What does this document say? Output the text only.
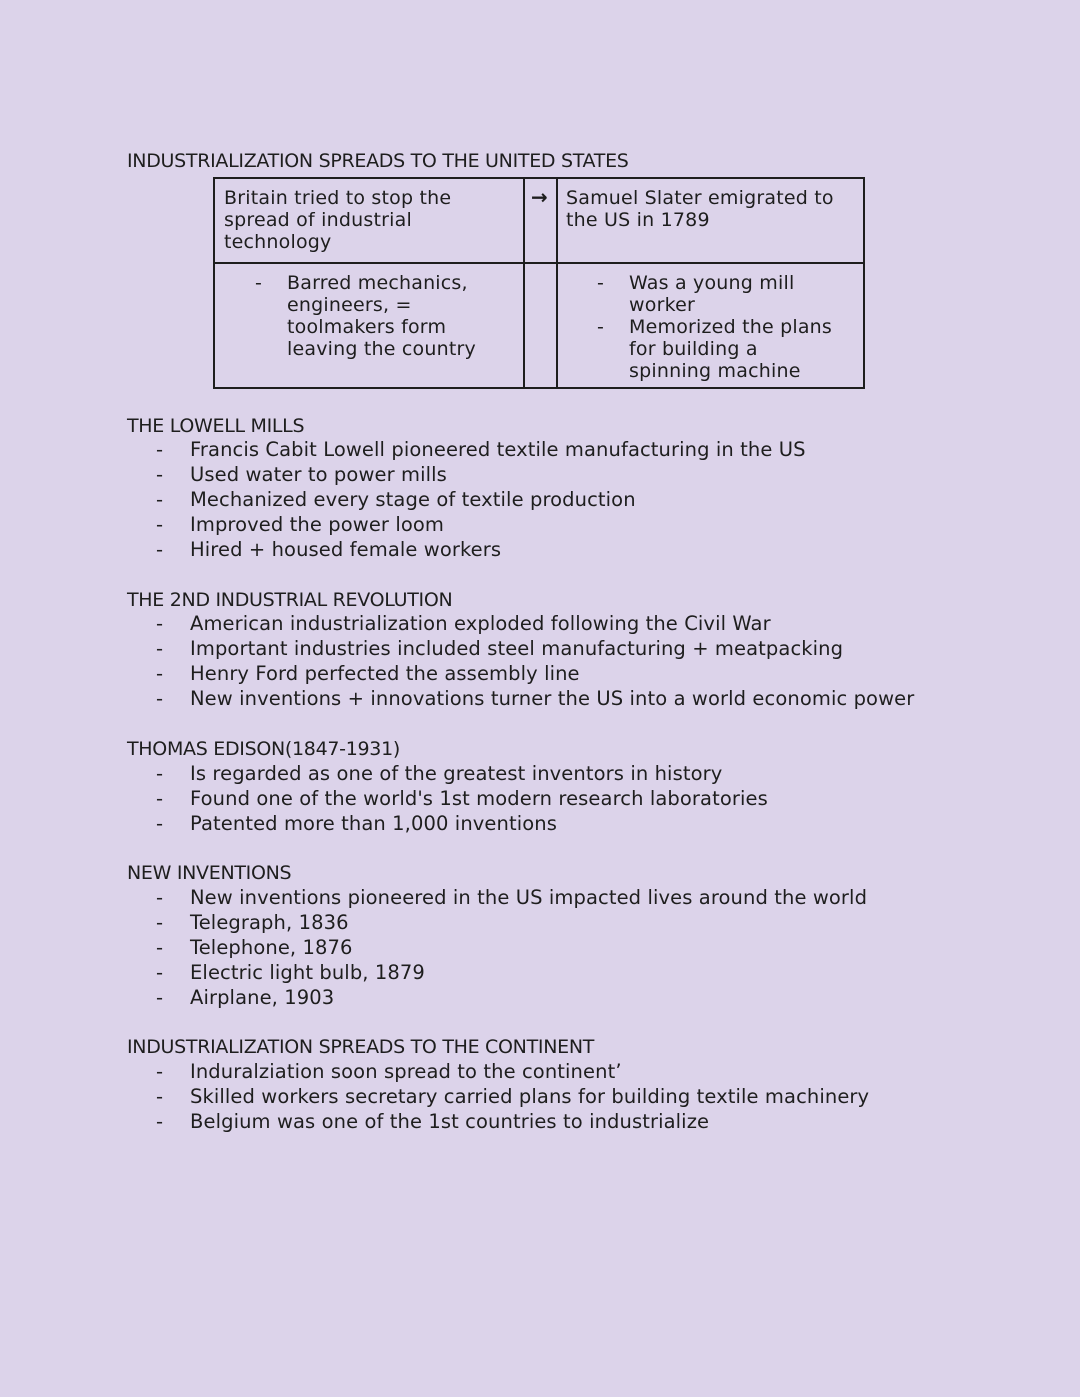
INDUSTRIALIZATION SPREADS TO THE UNITED STATES
Britain tried to stop the
spread of industrial
technology
→ Samuel Slater emigrated to
the US in 1789
- Barred mechanics,
engineers, =
toolmakers form
leaving the country
- Was a young mill
worker
- Memorized the plans
for building a
spinning machine
THE LOWELL MILLS
- Francis Cabit Lowell pioneered textile manufacturing in the US
- Used water to power mills
- Mechanized every stage of textile production
- Improved the power loom
- Hired + housed female workers
THE 2ND INDUSTRIAL REVOLUTION
- American industrialization exploded following the Civil War
- Important industries included steel manufacturing + meatpacking
- Henry Ford perfected the assembly line
- New inventions + innovations turner the US into a world economic power
THOMAS EDISON(1847-1931)
- Is regarded as one of the greatest inventors in history
- Found one of the world's 1st modern research laboratories
- Patented more than 1,000 inventions
NEW INVENTIONS
- New inventions pioneered in the US impacted lives around the world
- Telegraph, 1836
- Telephone, 1876
- Electric light bulb, 1879
- Airplane, 1903
INDUSTRIALIZATION SPREADS TO THE CONTINENT
- Induralziation soon spread to the continent’
- Skilled workers secretary carried plans for building textile machinery
- Belgium was one of the 1st countries to industrialize
